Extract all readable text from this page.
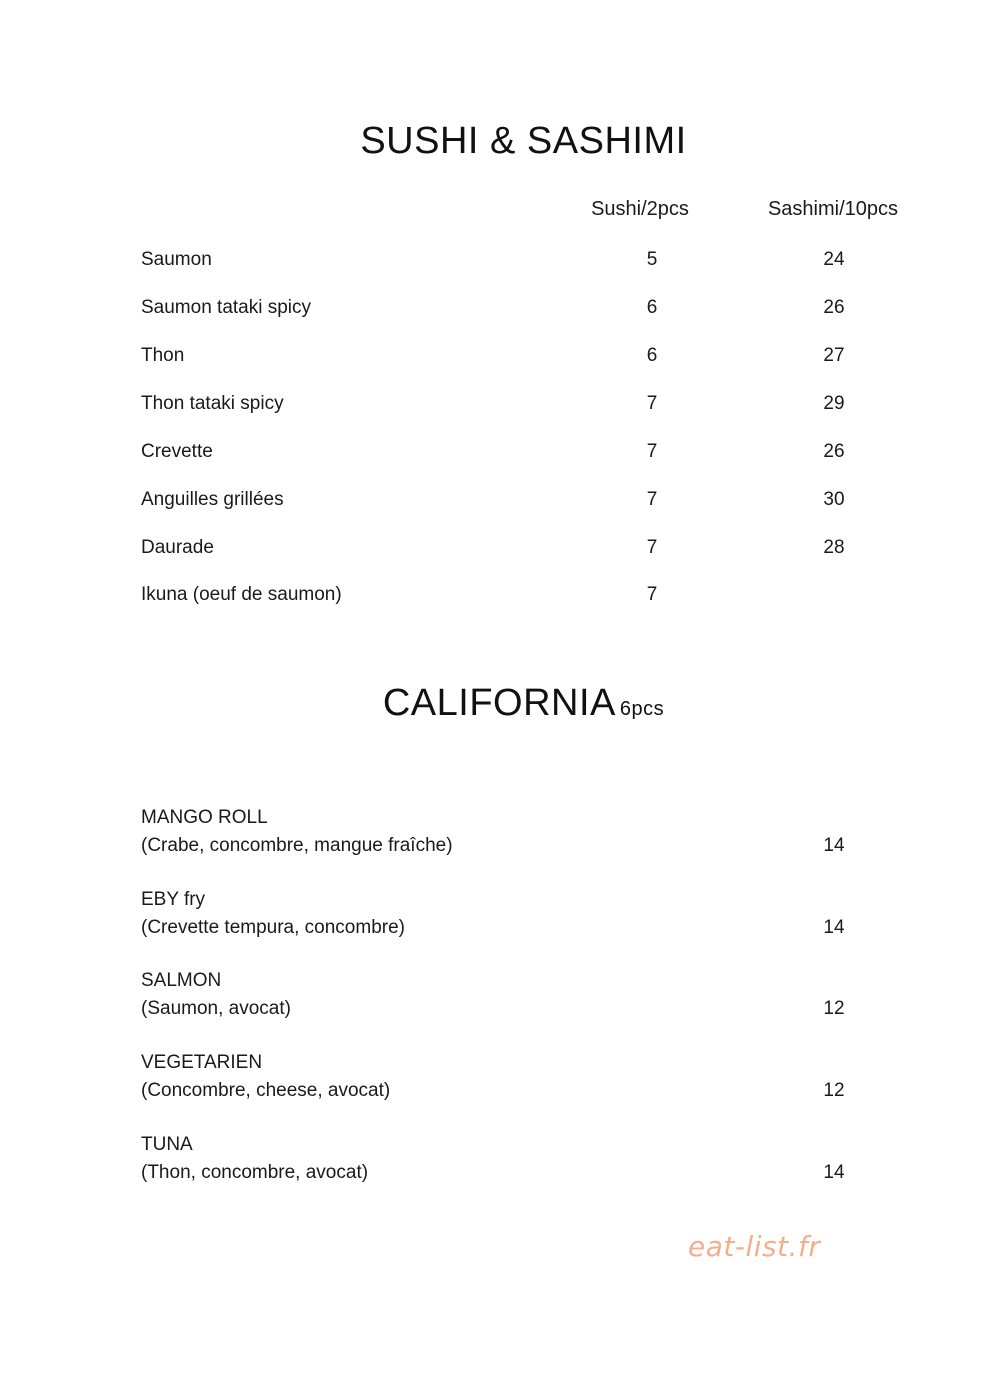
SUSHI & SASHIMI
Sushi/2pcs	Sashimi/10pcs
Saumon	5	24
Saumon tataki spicy	6	26
Thon	6	27
Thon tataki spicy	7	29
Crevette	7	26
Anguilles grillées	7	30
Daurade	7	28
Ikuna (oeuf de saumon)	7
CALIFORNIA 6pcs
MANGO ROLL
(Crabe, concombre, mangue fraîche)	14
EBY fry
(Crevette tempura, concombre)	14
SALMON
(Saumon, avocat)	12
VEGETARIEN
(Concombre, cheese, avocat)	12
TUNA
(Thon, concombre, avocat)	14
eat-list.fr
